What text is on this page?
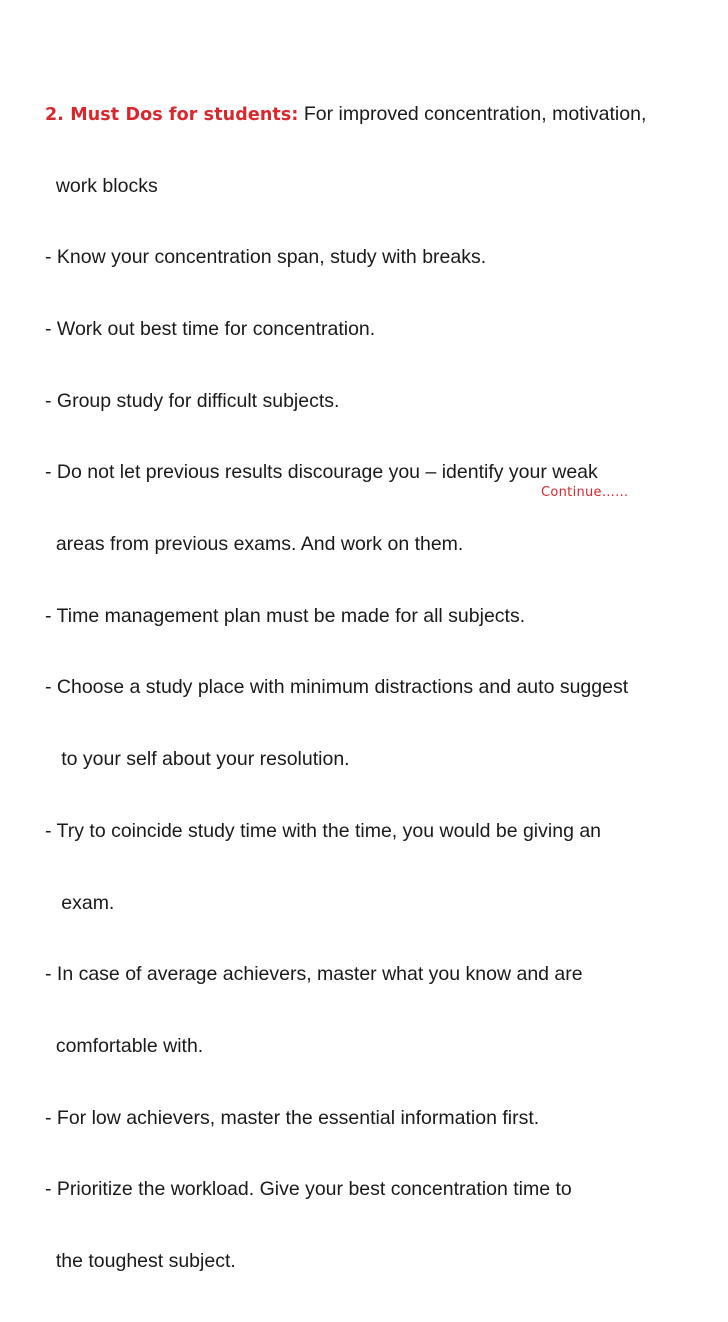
2. Must Dos for students: For improved concentration, motivation,

work blocks

- Know your concentration span, study with breaks.

- Work out best time for concentration.

- Group study for difficult subjects.

- Do not let previous results discourage you – identify your weak

areas from previous exams. And work on them.

- Time management plan must be made for all subjects.

- Choose a study place with minimum distractions and auto suggest

to your self about your resolution.

- Try to coincide study time with the time, you would be giving an

exam.

- In case of average achievers, master what you know and are

comfortable with.

- For low achievers, master the essential information first.

- Prioritize the workload. Give your best concentration time to

the toughest subject.

Continue……
